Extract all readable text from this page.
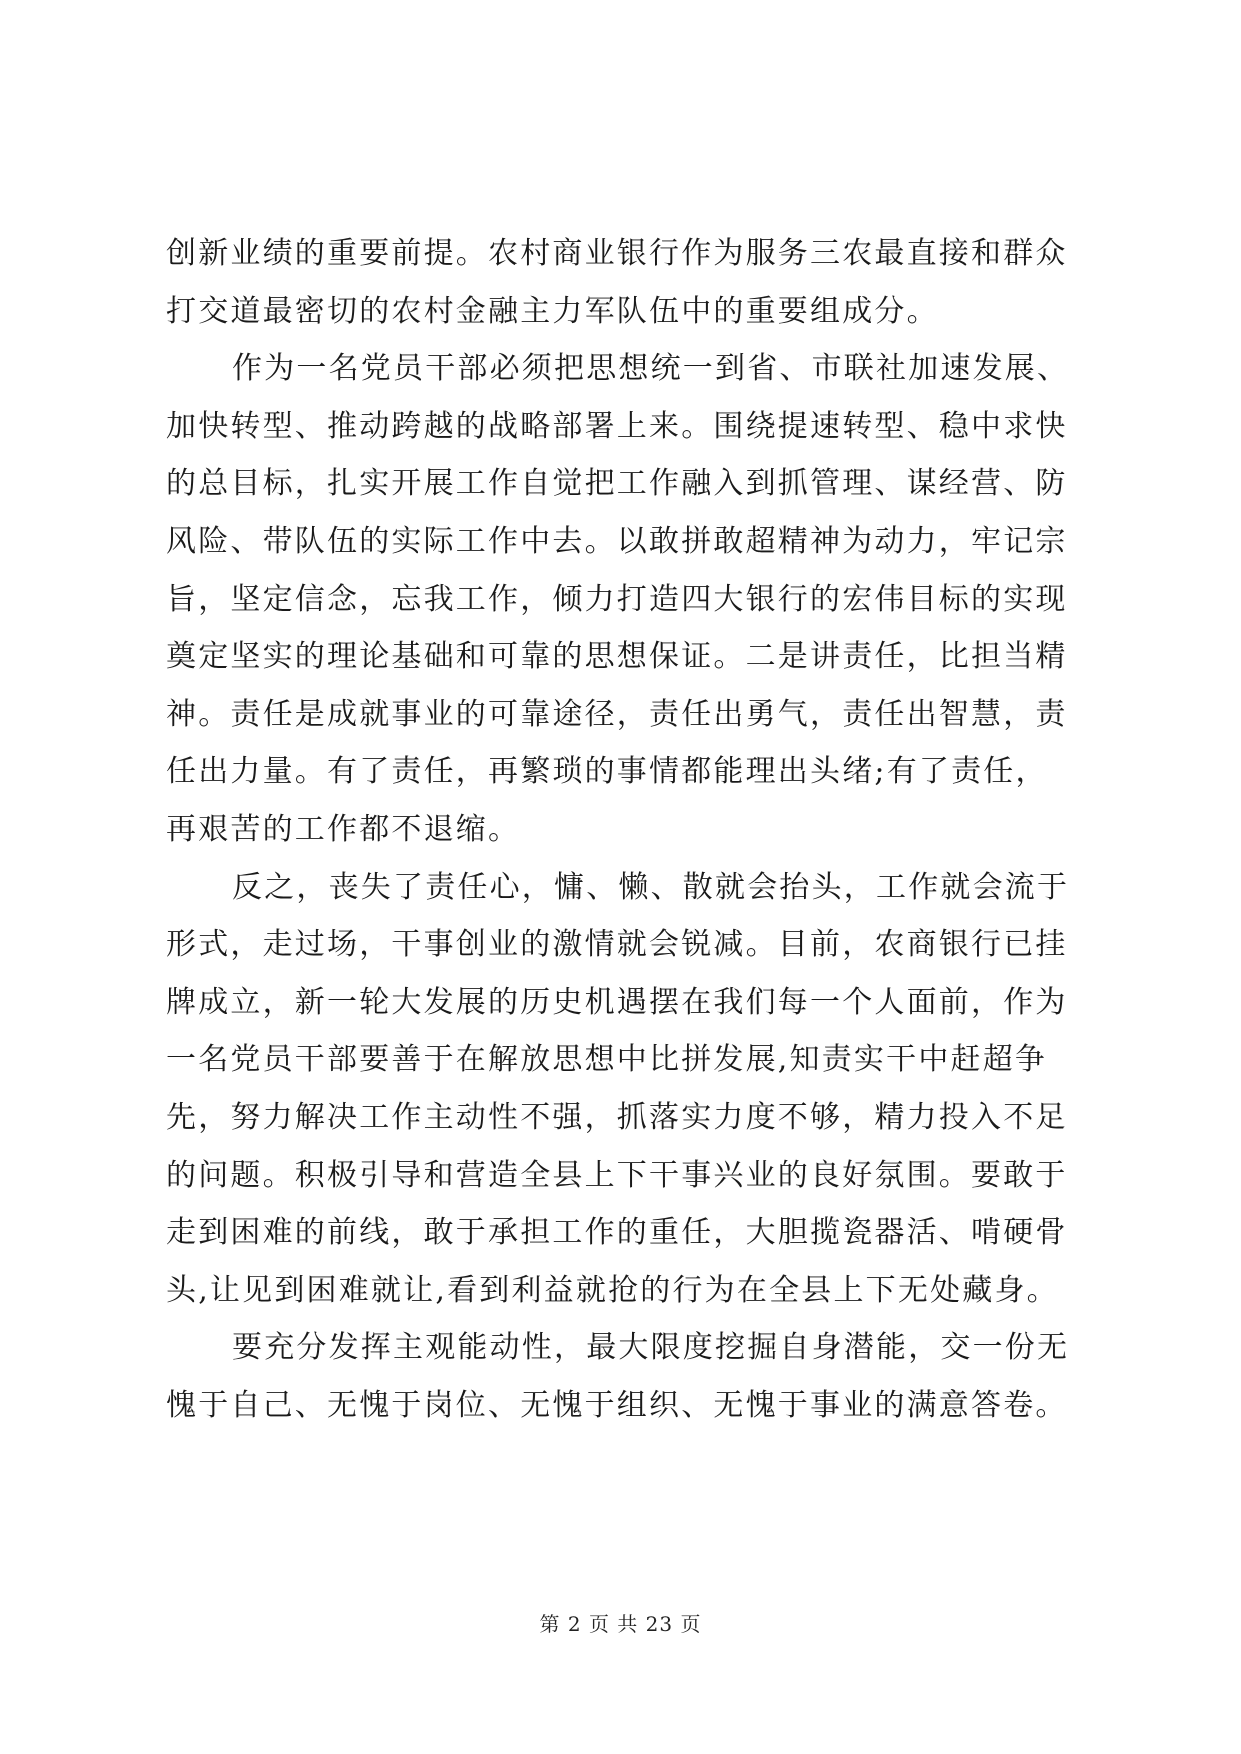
创新业绩的重要前提。农村商业银行作为服务三农最直接和群众
打交道最密切的农村金融主力军队伍中的重要组成分。
作为一名党员干部必须把思想统一到省、市联社加速发展、
加快转型、推动跨越的战略部署上来。围绕提速转型、稳中求快
的总目标，扎实开展工作自觉把工作融入到抓管理、谋经营、防
风险、带队伍的实际工作中去。以敢拼敢超精神为动力，牢记宗
旨，坚定信念，忘我工作，倾力打造四大银行的宏伟目标的实现
奠定坚实的理论基础和可靠的思想保证。二是讲责任，比担当精
神。责任是成就事业的可靠途径，责任出勇气，责任出智慧，责
任出力量。有了责任，再繁琐的事情都能理出头绪;有了责任，
再艰苦的工作都不退缩。
反之，丧失了责任心，慵、懒、散就会抬头，工作就会流于
形式，走过场，干事创业的激情就会锐减。目前，农商银行已挂
牌成立，新一轮大发展的历史机遇摆在我们每一个人面前，作为
一名党员干部要善于在解放思想中比拼发展,知责实干中赶超争
先，努力解决工作主动性不强，抓落实力度不够，精力投入不足
的问题。积极引导和营造全县上下干事兴业的良好氛围。要敢于
走到困难的前线，敢于承担工作的重任，大胆揽瓷器活、啃硬骨
头,让见到困难就让,看到利益就抢的行为在全县上下无处藏身。
要充分发挥主观能动性，最大限度挖掘自身潜能，交一份无
愧于自己、无愧于岗位、无愧于组织、无愧于事业的满意答卷。
第 2 页 共 23 页
